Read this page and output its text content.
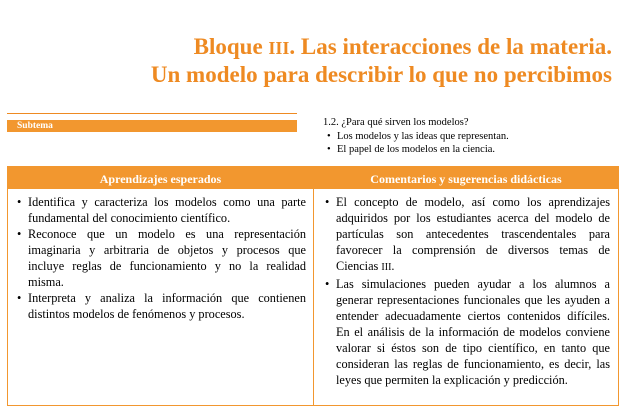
Bloque III. Las interacciones de la materia.
Un modelo para describir lo que no percibimos
Subtema	1.2. ¿Para qué sirven los modelos?

• Los modelos y las ideas que representan.
• El papel de los modelos en la ciencia.
Aprendizajes esperados	Comentarios y sugerencias didácticas
• Identifica y caracteriza los modelos como una parte fundamental del conocimiento científico.
• Reconoce que un modelo es una representación imaginaria y arbitraria de objetos y procesos que incluye reglas de funcionamiento y no la realidad misma.
• Interpreta y analiza la información que contienen distintos modelos de fenómenos y procesos.
• El concepto de modelo, así como los aprendizajes adquiridos por los estudiantes acerca del modelo de partículas son antecedentes trascendentales para favorecer la comprensión de diversos temas de Ciencias III.
• Las simulaciones pueden ayudar a los alumnos a generar representaciones funcionales que les ayuden a entender adecuadamente ciertos contenidos difíciles. En el análisis de la información de modelos conviene valorar si éstos son de tipo científico, en tanto que consideran las reglas de funcionamiento, es decir, las leyes que permiten la explicación y predicción.
